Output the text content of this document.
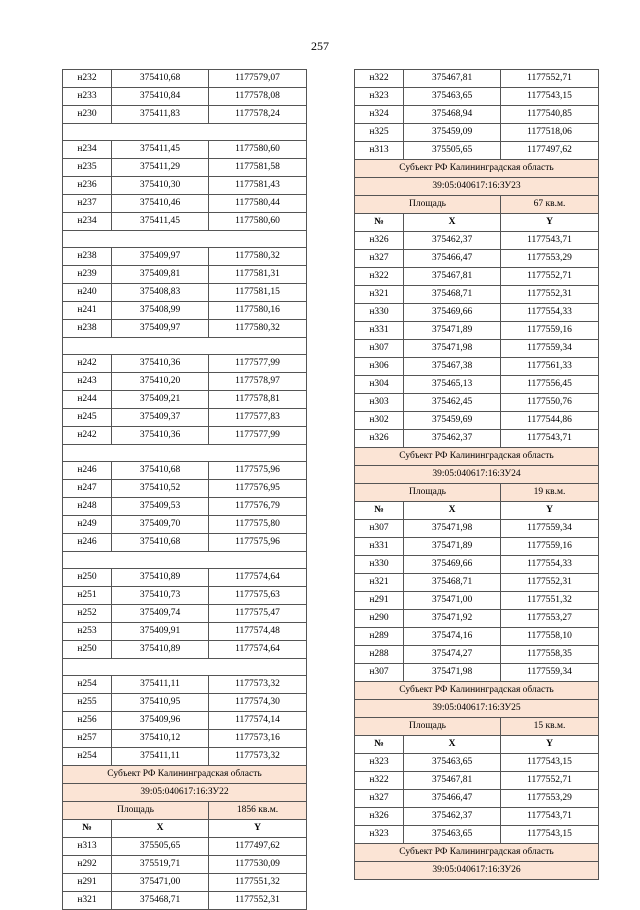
257
н232	375410,68	1177579,07
н233	375410,84	1177578,08
н230	375411,83	1177578,24

н234	375411,45	1177580,60
н235	375411,29	1177581,58
н236	375410,30	1177581,43
н237	375410,46	1177580,44
н234	375411,45	1177580,60

н238	375409,97	1177580,32
н239	375409,81	1177581,31
н240	375408,83	1177581,15
н241	375408,99	1177580,16
н238	375409,97	1177580,32

н242	375410,36	1177577,99
н243	375410,20	1177578,97
н244	375409,21	1177578,81
н245	375409,37	1177577,83
н242	375410,36	1177577,99

н246	375410,68	1177575,96
н247	375410,52	1177576,95
н248	375409,53	1177576,79
н249	375409,70	1177575,80
н246	375410,68	1177575,96

н250	375410,89	1177574,64
н251	375410,73	1177575,63
н252	375409,74	1177575,47
н253	375409,91	1177574,48
н250	375410,89	1177574,64

н254	375411,11	1177573,32
н255	375410,95	1177574,30
н256	375409,96	1177574,14
н257	375410,12	1177573,16
н254	375411,11	1177573,32
Субъект РФ Калининградская область		
39:05:040617:16:ЗУ22		
Площадь		1856 кв.м.
№	X	Y
н313	375505,65	1177497,62
н292	375519,71	1177530,09
н291	375471,00	1177551,32
н321	375468,71	1177552,31
н322	375467,81	1177552,71
н323	375463,65	1177543,15
н324	375468,94	1177540,85
н325	375459,09	1177518,06
н313	375505,65	1177497,62
Субъект РФ Калининградская область		
39:05:040617:16:ЗУ23		
Площадь		67 кв.м.
№	X	Y
н326	375462,37	1177543,71
н327	375466,47	1177553,29
н322	375467,81	1177552,71
н321	375468,71	1177552,31
н330	375469,66	1177554,33
н331	375471,89	1177559,16
н307	375471,98	1177559,34
н306	375467,38	1177561,33
н304	375465,13	1177556,45
н303	375462,45	1177550,76
н302	375459,69	1177544,86
н326	375462,37	1177543,71
Субъект РФ Калининградская область		
39:05:040617:16:ЗУ24		
Площадь		19 кв.м.
№	X	Y
н307	375471,98	1177559,34
н331	375471,89	1177559,16
н330	375469,66	1177554,33
н321	375468,71	1177552,31
н291	375471,00	1177551,32
н290	375471,92	1177553,27
н289	375474,16	1177558,10
н288	375474,27	1177558,35
н307	375471,98	1177559,34
Субъект РФ Калининградская область		
39:05:040617:16:ЗУ25		
Площадь		15 кв.м.
№	X	Y
н323	375463,65	1177543,15
н322	375467,81	1177552,71
н327	375466,47	1177553,29
н326	375462,37	1177543,71
н323	375463,65	1177543,15
Субъект РФ Калининградская область		
39:05:040617:16:ЗУ26		
